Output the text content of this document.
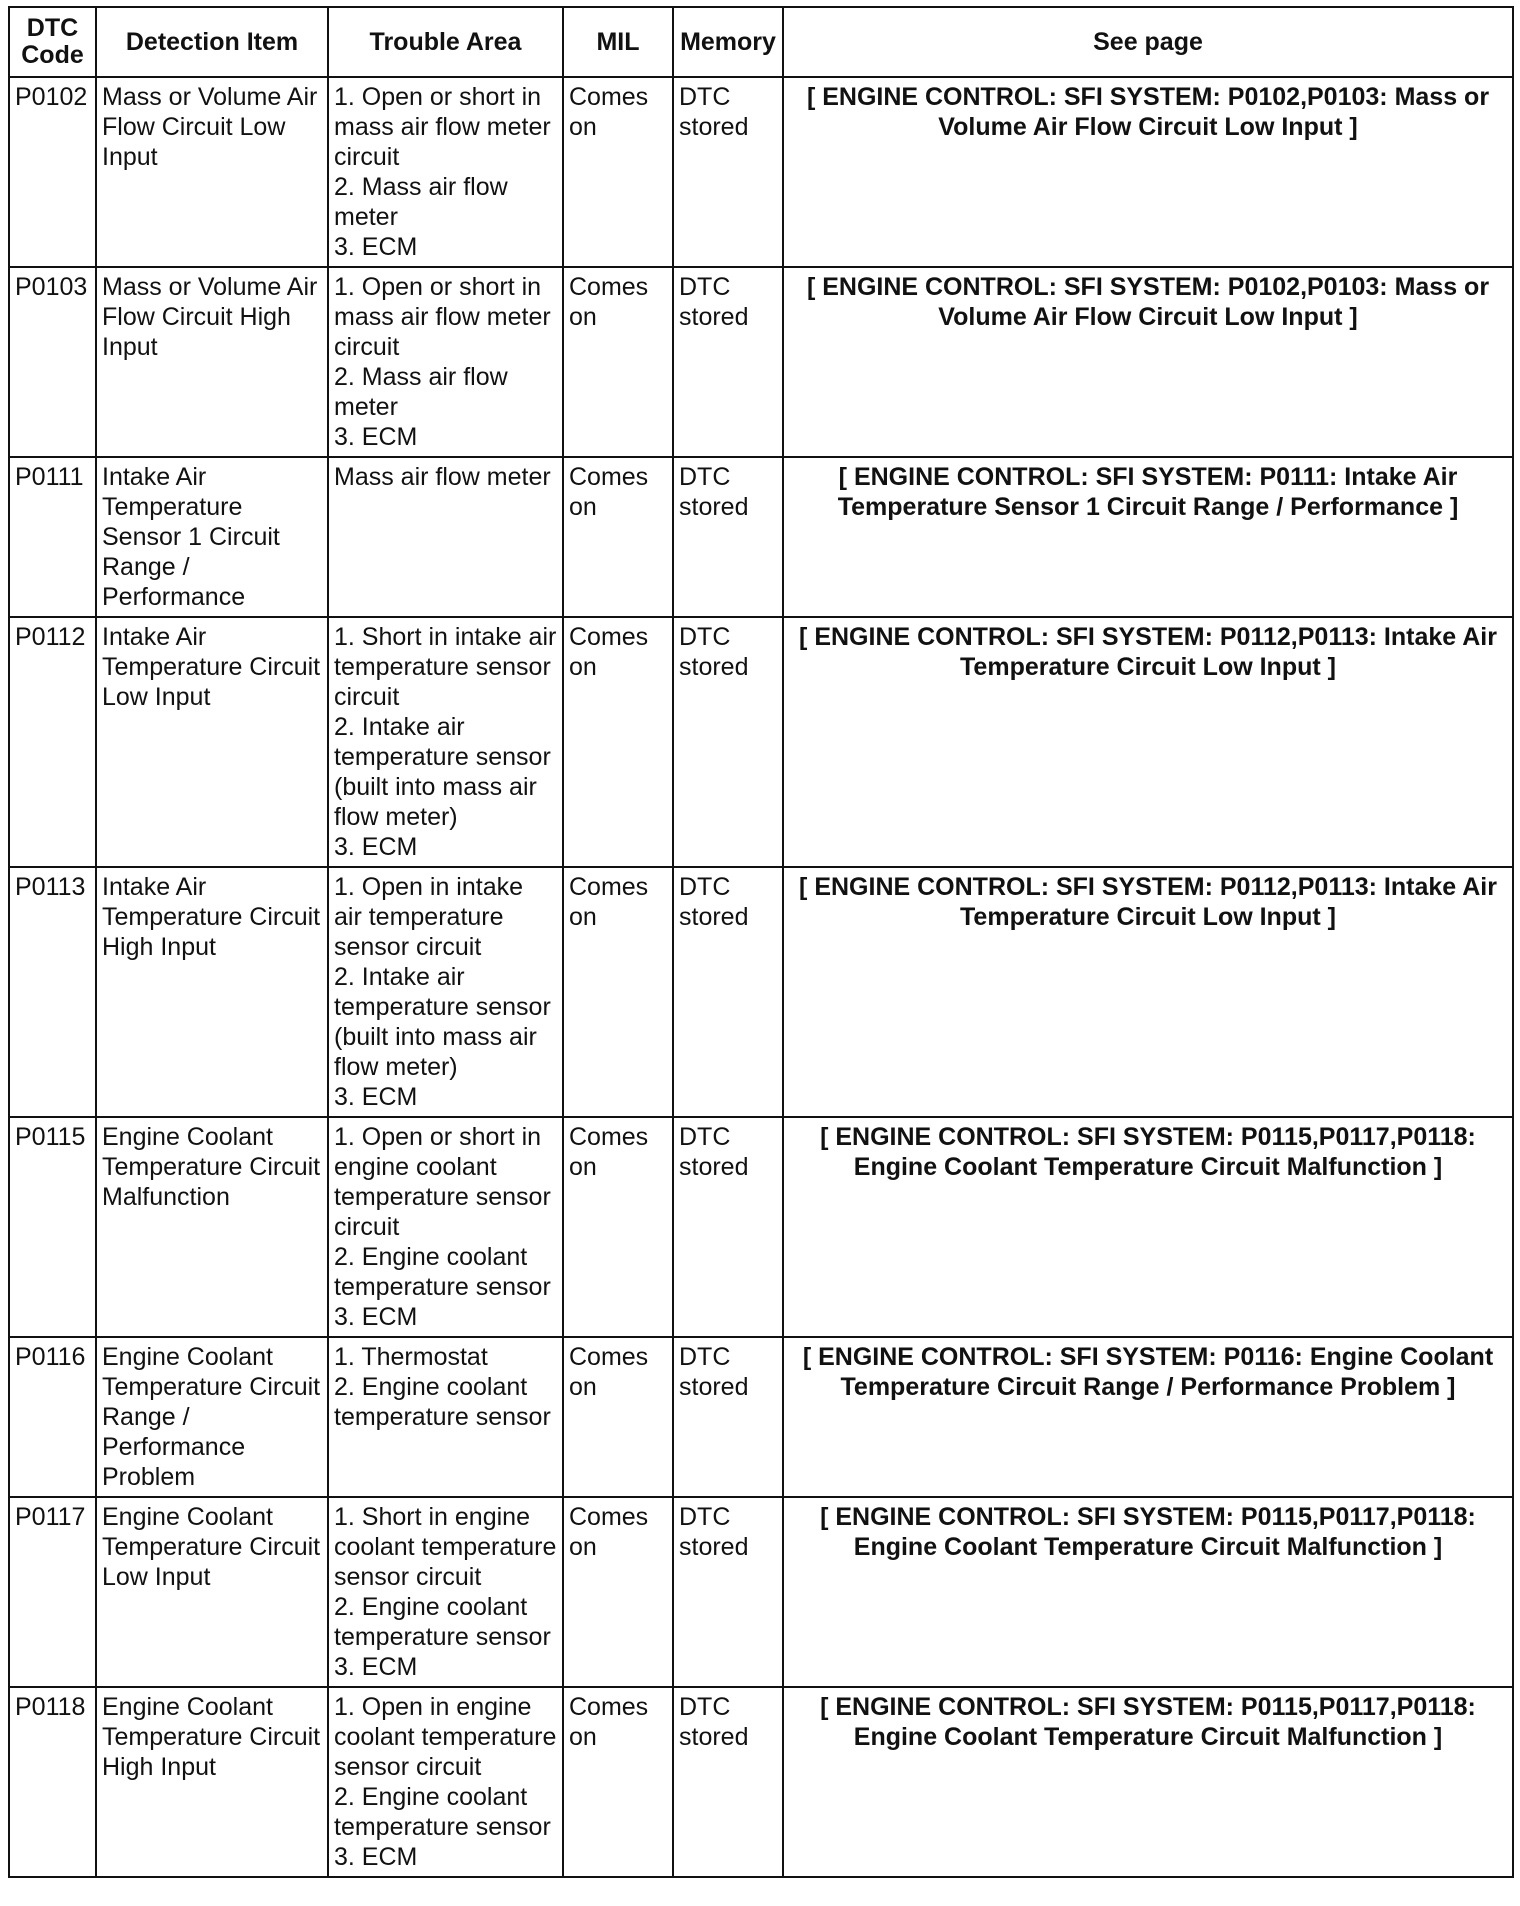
DTC Code	Detection Item	Trouble Area	MIL	Memory	See page
P0102	Mass or Volume Air Flow Circuit Low Input	1. Open or short in mass air flow meter circuit
2. Mass air flow meter
3. ECM	Comes on	DTC stored	[ ENGINE CONTROL: SFI SYSTEM: P0102,P0103: Mass or Volume Air Flow Circuit Low Input ]
P0103	Mass or Volume Air Flow Circuit High Input	1. Open or short in mass air flow meter circuit
2. Mass air flow meter
3. ECM	Comes on	DTC stored	[ ENGINE CONTROL: SFI SYSTEM: P0102,P0103: Mass or Volume Air Flow Circuit Low Input ]
P0111	Intake Air Temperature Sensor 1 Circuit Range / Performance	Mass air flow meter	Comes on	DTC stored	[ ENGINE CONTROL: SFI SYSTEM: P0111: Intake Air Temperature Sensor 1 Circuit Range / Performance ]
P0112	Intake Air Temperature Circuit Low Input	1. Short in intake air temperature sensor circuit
2. Intake air temperature sensor (built into mass air flow meter)
3. ECM	Comes on	DTC stored	[ ENGINE CONTROL: SFI SYSTEM: P0112,P0113: Intake Air Temperature Circuit Low Input ]
P0113	Intake Air Temperature Circuit High Input	1. Open in intake air temperature sensor circuit
2. Intake air temperature sensor (built into mass air flow meter)
3. ECM	Comes on	DTC stored	[ ENGINE CONTROL: SFI SYSTEM: P0112,P0113: Intake Air Temperature Circuit Low Input ]
P0115	Engine Coolant Temperature Circuit Malfunction	1. Open or short in engine coolant temperature sensor circuit
2. Engine coolant temperature sensor
3. ECM	Comes on	DTC stored	[ ENGINE CONTROL: SFI SYSTEM: P0115,P0117,P0118: Engine Coolant Temperature Circuit Malfunction ]
P0116	Engine Coolant Temperature Circuit Range / Performance Problem	1. Thermostat
2. Engine coolant temperature sensor	Comes on	DTC stored	[ ENGINE CONTROL: SFI SYSTEM: P0116: Engine Coolant Temperature Circuit Range / Performance Problem ]
P0117	Engine Coolant Temperature Circuit Low Input	1. Short in engine coolant temperature sensor circuit
2. Engine coolant temperature sensor
3. ECM	Comes on	DTC stored	[ ENGINE CONTROL: SFI SYSTEM: P0115,P0117,P0118: Engine Coolant Temperature Circuit Malfunction ]
P0118	Engine Coolant Temperature Circuit High Input	1. Open in engine coolant temperature sensor circuit
2. Engine coolant temperature sensor
3. ECM	Comes on	DTC stored	[ ENGINE CONTROL: SFI SYSTEM: P0115,P0117,P0118: Engine Coolant Temperature Circuit Malfunction ]
